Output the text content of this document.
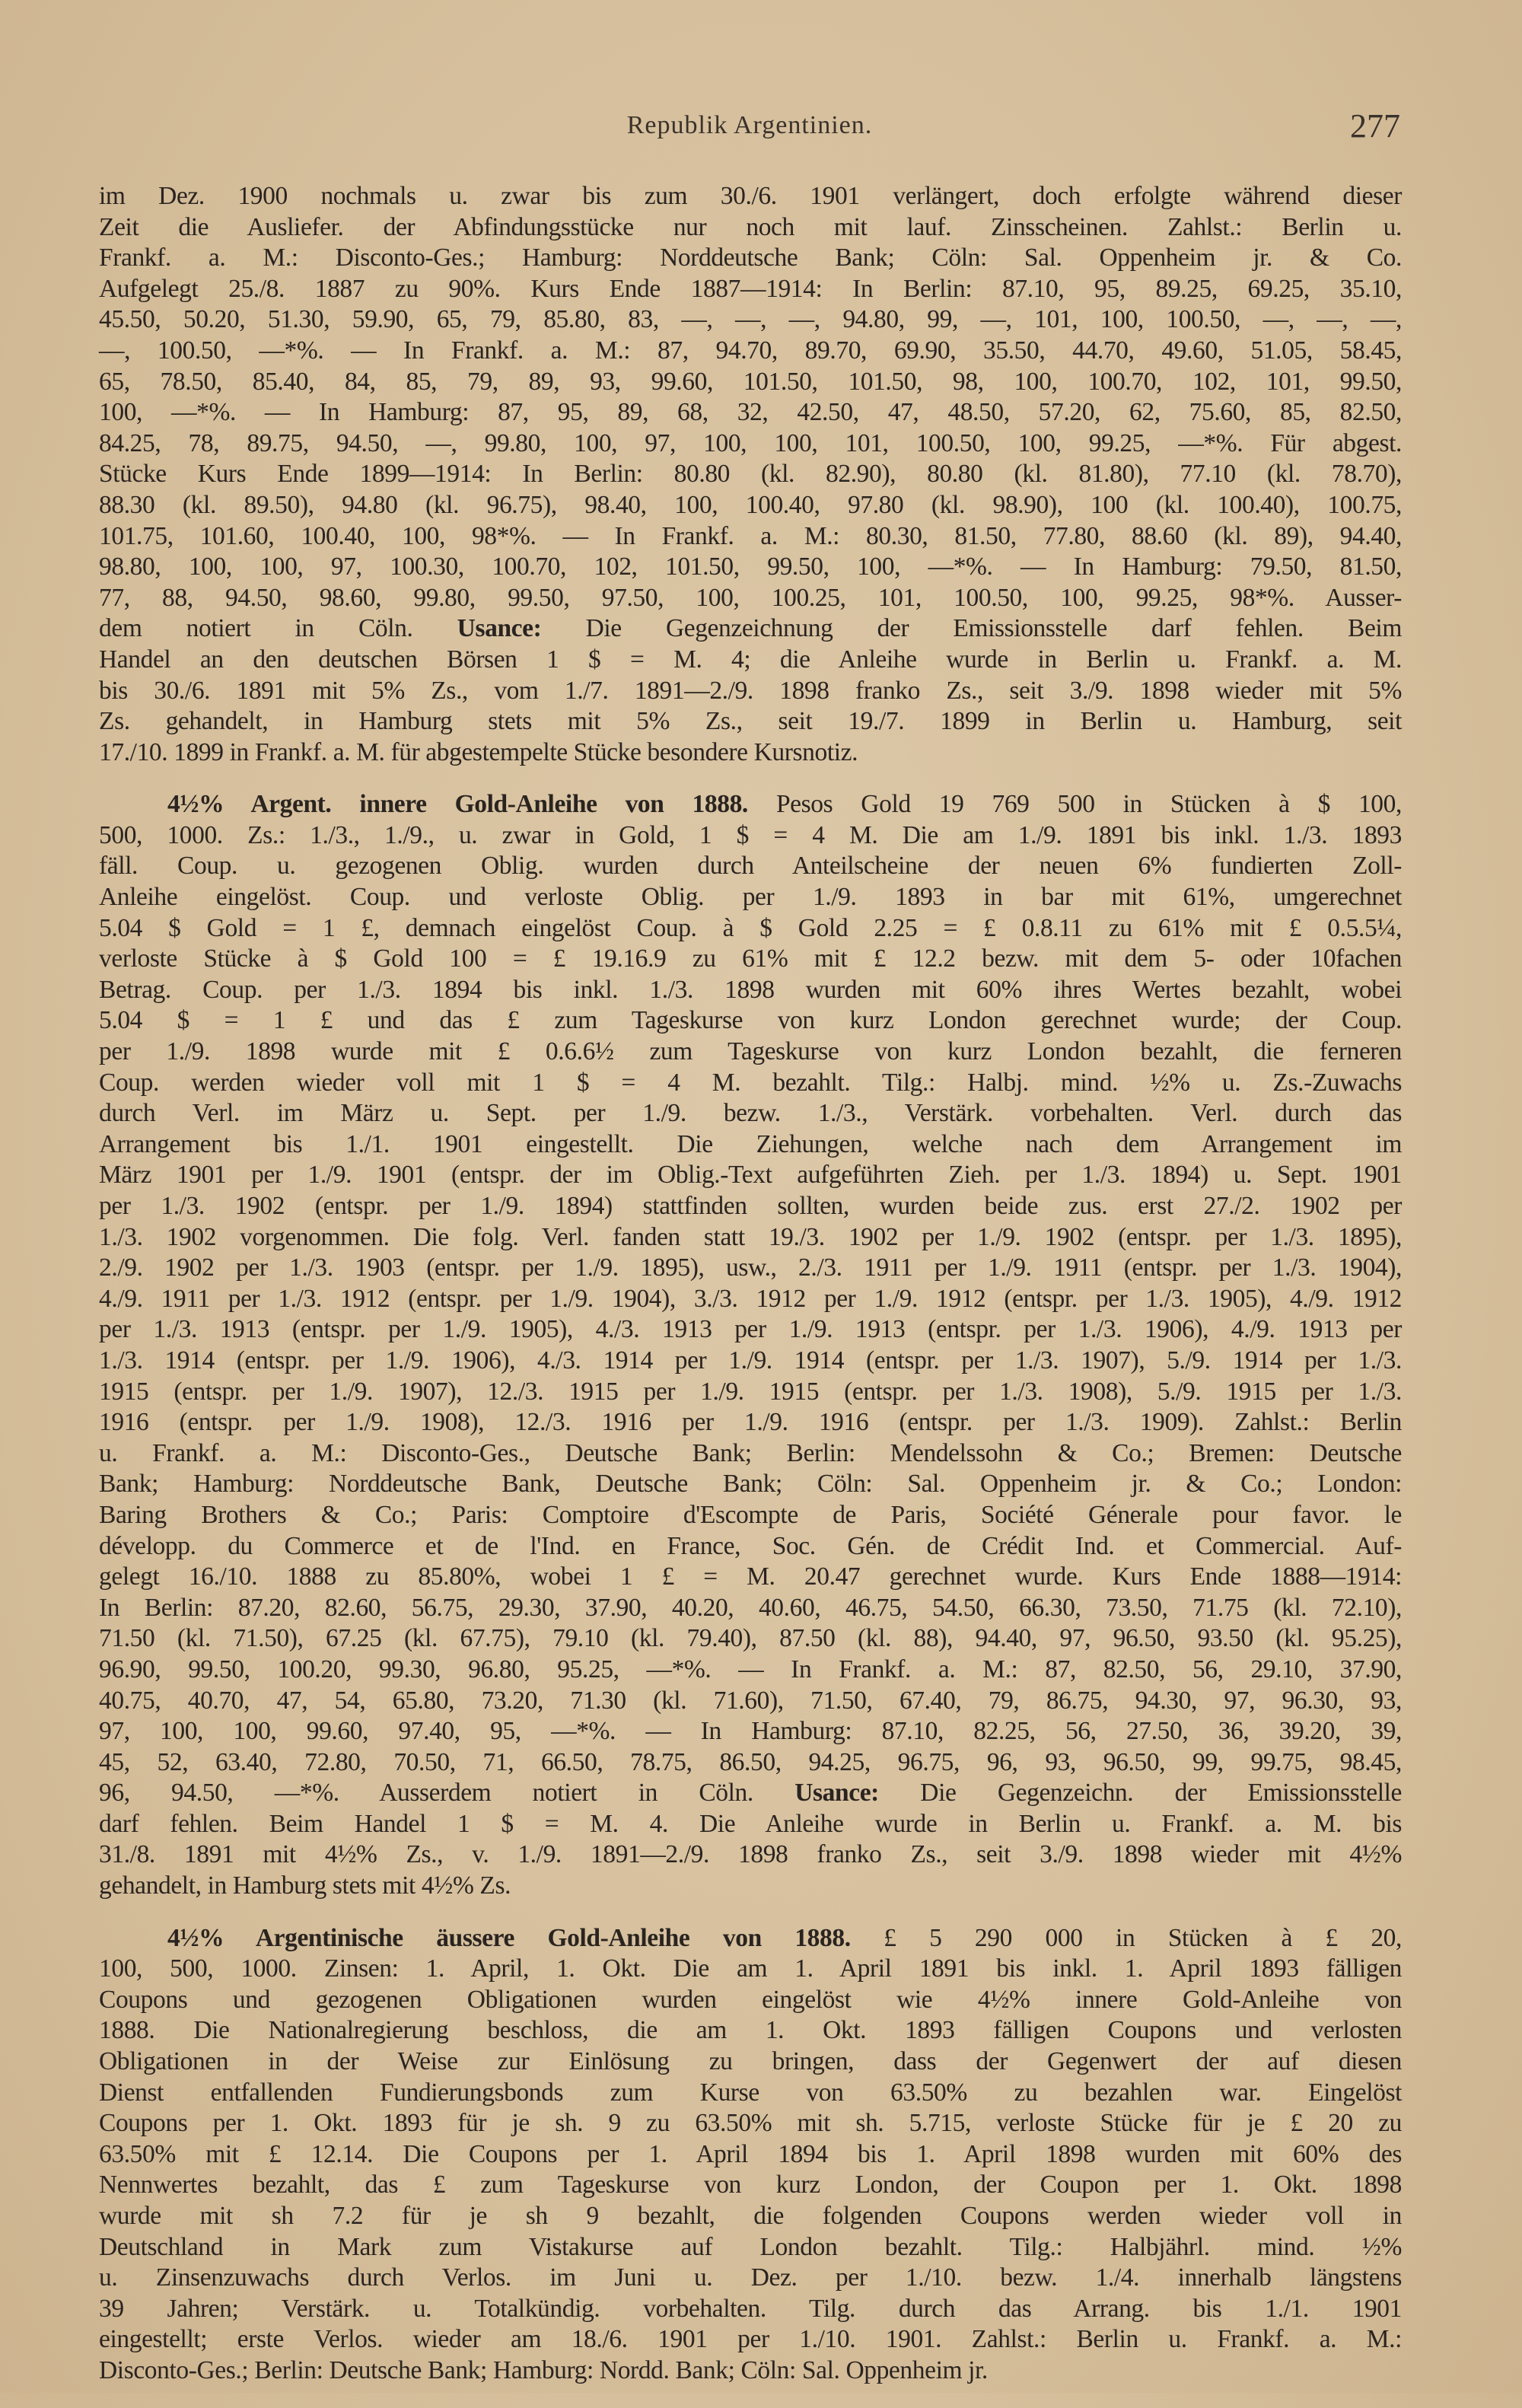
Republik Argentinien.	277
im Dez. 1900 nochmals u. zwar bis zum 30./6. 1901 verlängert, doch erfolgte während dieser
Zeit die Ausliefer. der Abfindungsstücke nur noch mit lauf. Zinsscheinen. Zahlst.: Berlin u.
Frankf. a. M.: Disconto-Ges.; Hamburg: Norddeutsche Bank; Cöln: Sal. Oppenheim jr. & Co.
Aufgelegt 25./8. 1887 zu 90%. Kurs Ende 1887—1914: In Berlin: 87.10, 95, 89.25, 69.25, 35.10,
45.50, 50.20, 51.30, 59.90, 65, 79, 85.80, 83, —, —, —, 94.80, 99, —, 101, 100, 100.50, —, —, —,
—, 100.50, —*%. — In Frankf. a. M.: 87, 94.70, 89.70, 69.90, 35.50, 44.70, 49.60, 51.05, 58.45,
65, 78.50, 85.40, 84, 85, 79, 89, 93, 99.60, 101.50, 101.50, 98, 100, 100.70, 102, 101, 99.50,
100, —*%. — In Hamburg: 87, 95, 89, 68, 32, 42.50, 47, 48.50, 57.20, 62, 75.60, 85, 82.50,
84.25, 78, 89.75, 94.50, —, 99.80, 100, 97, 100, 100, 101, 100.50, 100, 99.25, —*%. Für abgest.
Stücke Kurs Ende 1899—1914: In Berlin: 80.80 (kl. 82.90), 80.80 (kl. 81.80), 77.10 (kl. 78.70),
88.30 (kl. 89.50), 94.80 (kl. 96.75), 98.40, 100, 100.40, 97.80 (kl. 98.90), 100 (kl. 100.40), 100.75,
101.75, 101.60, 100.40, 100, 98*%. — In Frankf. a. M.: 80.30, 81.50, 77.80, 88.60 (kl. 89), 94.40,
98.80, 100, 100, 97, 100.30, 100.70, 102, 101.50, 99.50, 100, —*%. — In Hamburg: 79.50, 81.50,
77, 88, 94.50, 98.60, 99.80, 99.50, 97.50, 100, 100.25, 101, 100.50, 100, 99.25, 98*%. Ausser-
dem notiert in Cöln. Usance: Die Gegenzeichnung der Emissionsstelle darf fehlen. Beim
Handel an den deutschen Börsen 1 $ = M. 4; die Anleihe wurde in Berlin u. Frankf. a. M.
bis 30./6. 1891 mit 5% Zs., vom 1./7. 1891—2./9. 1898 franko Zs., seit 3./9. 1898 wieder mit 5%
Zs. gehandelt, in Hamburg stets mit 5% Zs., seit 19./7. 1899 in Berlin u. Hamburg, seit
17./10. 1899 in Frankf. a. M. für abgestempelte Stücke besondere Kursnotiz.
4½% Argent. innere Gold-Anleihe von 1888. Pesos Gold 19 769 500 in Stücken à $ 100,
500, 1000. Zs.: 1./3., 1./9., u. zwar in Gold, 1 $ = 4 M. Die am 1./9. 1891 bis inkl. 1./3. 1893
fäll. Coup. u. gezogenen Oblig. wurden durch Anteilscheine der neuen 6% fundierten Zoll-
Anleihe eingelöst. Coup. und verloste Oblig. per 1./9. 1893 in bar mit 61%, umgerechnet
5.04 $ Gold = 1 £, demnach eingelöst Coup. à $ Gold 2.25 = £ 0.8.11 zu 61% mit £ 0.5.5¼,
verloste Stücke à $ Gold 100 = £ 19.16.9 zu 61% mit £ 12.2 bezw. mit dem 5- oder 10fachen
Betrag. Coup. per 1./3. 1894 bis inkl. 1./3. 1898 wurden mit 60% ihres Wertes bezahlt, wobei
5.04 $ = 1 £ und das £ zum Tageskurse von kurz London gerechnet wurde; der Coup.
per 1./9. 1898 wurde mit £ 0.6.6½ zum Tageskurse von kurz London bezahlt, die ferneren
Coup. werden wieder voll mit 1 $ = 4 M. bezahlt. Tilg.: Halbj. mind. ½% u. Zs.-Zuwachs
durch Verl. im März u. Sept. per 1./9. bezw. 1./3., Verstärk. vorbehalten. Verl. durch das
Arrangement bis 1./1. 1901 eingestellt. Die Ziehungen, welche nach dem Arrangement im
März 1901 per 1./9. 1901 (entspr. der im Oblig.-Text aufgeführten Zieh. per 1./3. 1894) u. Sept. 1901
per 1./3. 1902 (entspr. per 1./9. 1894) stattfinden sollten, wurden beide zus. erst 27./2. 1902 per
1./3. 1902 vorgenommen. Die folg. Verl. fanden statt 19./3. 1902 per 1./9. 1902 (entspr. per 1./3. 1895),
2./9. 1902 per 1./3. 1903 (entspr. per 1./9. 1895), usw., 2./3. 1911 per 1./9. 1911 (entspr. per 1./3. 1904),
4./9. 1911 per 1./3. 1912 (entspr. per 1./9. 1904), 3./3. 1912 per 1./9. 1912 (entspr. per 1./3. 1905), 4./9. 1912
per 1./3. 1913 (entspr. per 1./9. 1905), 4./3. 1913 per 1./9. 1913 (entspr. per 1./3. 1906), 4./9. 1913 per
1./3. 1914 (entspr. per 1./9. 1906), 4./3. 1914 per 1./9. 1914 (entspr. per 1./3. 1907), 5./9. 1914 per 1./3.
1915 (entspr. per 1./9. 1907), 12./3. 1915 per 1./9. 1915 (entspr. per 1./3. 1908), 5./9. 1915 per 1./3.
1916 (entspr. per 1./9. 1908), 12./3. 1916 per 1./9. 1916 (entspr. per 1./3. 1909). Zahlst.: Berlin
u. Frankf. a. M.: Disconto-Ges., Deutsche Bank; Berlin: Mendelssohn & Co.; Bremen: Deutsche
Bank; Hamburg: Norddeutsche Bank, Deutsche Bank; Cöln: Sal. Oppenheim jr. & Co.; London:
Baring Brothers & Co.; Paris: Comptoire d'Escompte de Paris, Société Génerale pour favor. le
développ. du Commerce et de l'Ind. en France, Soc. Gén. de Crédit Ind. et Commercial. Auf-
gelegt 16./10. 1888 zu 85.80%, wobei 1 £ = M. 20.47 gerechnet wurde. Kurs Ende 1888—1914:
In Berlin: 87.20, 82.60, 56.75, 29.30, 37.90, 40.20, 40.60, 46.75, 54.50, 66.30, 73.50, 71.75 (kl. 72.10),
71.50 (kl. 71.50), 67.25 (kl. 67.75), 79.10 (kl. 79.40), 87.50 (kl. 88), 94.40, 97, 96.50, 93.50 (kl. 95.25),
96.90, 99.50, 100.20, 99.30, 96.80, 95.25, —*%. — In Frankf. a. M.: 87, 82.50, 56, 29.10, 37.90,
40.75, 40.70, 47, 54, 65.80, 73.20, 71.30 (kl. 71.60), 71.50, 67.40, 79, 86.75, 94.30, 97, 96.30, 93,
97, 100, 100, 99.60, 97.40, 95, —*%. — In Hamburg: 87.10, 82.25, 56, 27.50, 36, 39.20, 39,
45, 52, 63.40, 72.80, 70.50, 71, 66.50, 78.75, 86.50, 94.25, 96.75, 96, 93, 96.50, 99, 99.75, 98.45,
96, 94.50, —*%. Ausserdem notiert in Cöln. Usance: Die Gegenzeichn. der Emissionsstelle
darf fehlen. Beim Handel 1 $ = M. 4. Die Anleihe wurde in Berlin u. Frankf. a. M. bis
31./8. 1891 mit 4½% Zs., v. 1./9. 1891—2./9. 1898 franko Zs., seit 3./9. 1898 wieder mit 4½%
gehandelt, in Hamburg stets mit 4½% Zs.
4½% Argentinische äussere Gold-Anleihe von 1888. £ 5 290 000 in Stücken à £ 20,
100, 500, 1000. Zinsen: 1. April, 1. Okt. Die am 1. April 1891 bis inkl. 1. April 1893 fälligen
Coupons und gezogenen Obligationen wurden eingelöst wie 4½% innere Gold-Anleihe von
1888. Die Nationalregierung beschloss, die am 1. Okt. 1893 fälligen Coupons und verlosten
Obligationen in der Weise zur Einlösung zu bringen, dass der Gegenwert der auf diesen
Dienst entfallenden Fundierungsbonds zum Kurse von 63.50% zu bezahlen war. Eingelöst
Coupons per 1. Okt. 1893 für je sh. 9 zu 63.50% mit sh. 5.715, verloste Stücke für je £ 20 zu
63.50% mit £ 12.14. Die Coupons per 1. April 1894 bis 1. April 1898 wurden mit 60% des
Nennwertes bezahlt, das £ zum Tageskurse von kurz London, der Coupon per 1. Okt. 1898
wurde mit sh 7.2 für je sh 9 bezahlt, die folgenden Coupons werden wieder voll in
Deutschland in Mark zum Vistakurse auf London bezahlt. Tilg.: Halbjährl. mind. ½%
u. Zinsenzuwachs durch Verlos. im Juni u. Dez. per 1./10. bezw. 1./4. innerhalb längstens
39 Jahren; Verstärk. u. Totalkündig. vorbehalten. Tilg. durch das Arrang. bis 1./1. 1901
eingestellt; erste Verlos. wieder am 18./6. 1901 per 1./10. 1901. Zahlst.: Berlin u. Frankf. a. M.:
Disconto-Ges.; Berlin: Deutsche Bank; Hamburg: Nordd. Bank; Cöln: Sal. Oppenheim jr.
